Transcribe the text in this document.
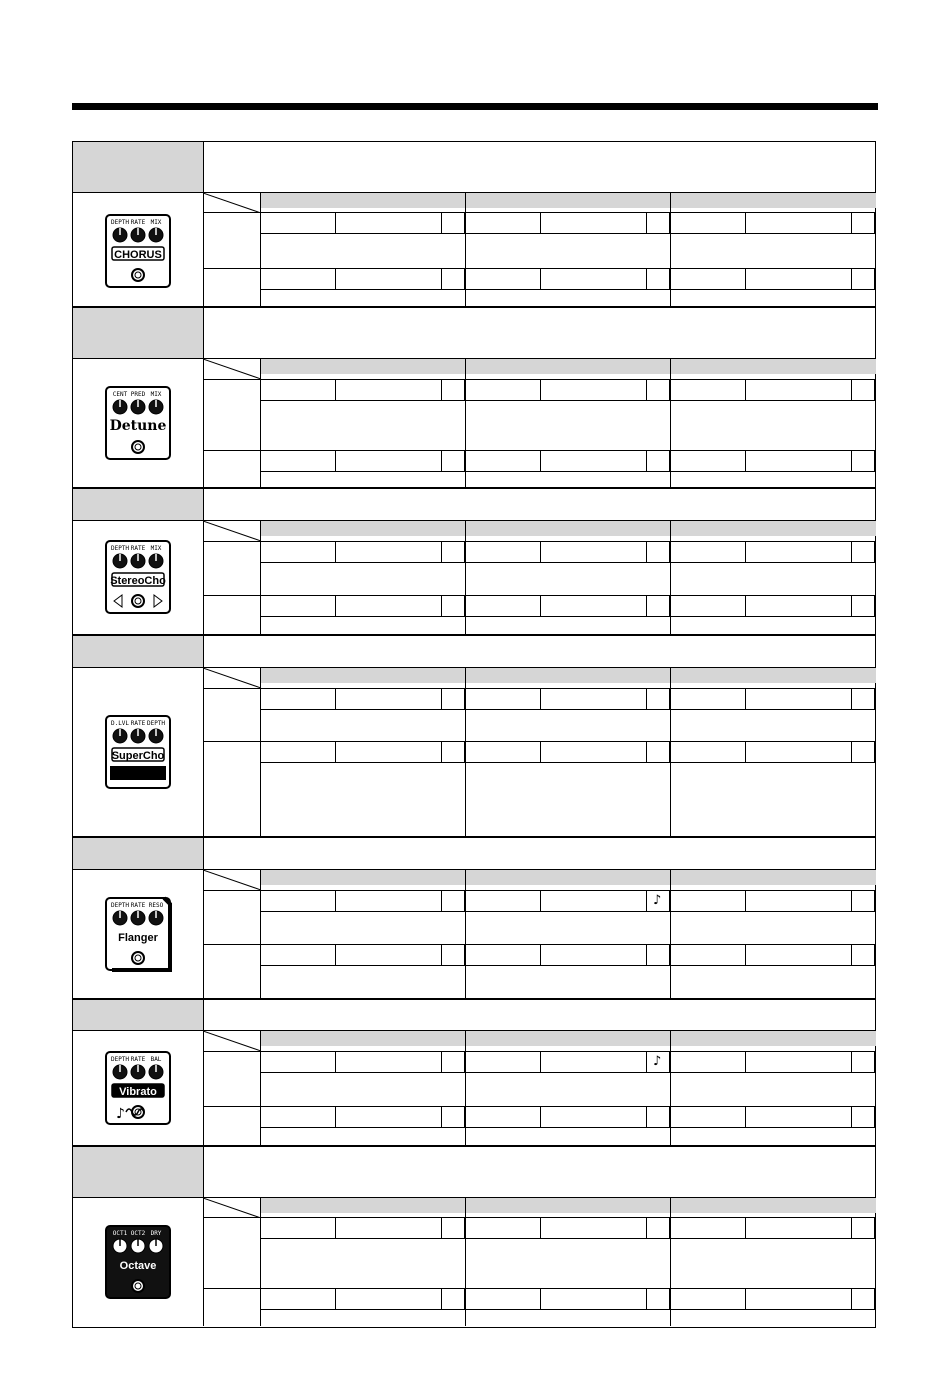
DEPTH RATE MIX
CHORUS
CENT PRED MIX
Detune
DEPTH RATE MIX
StereoCho
D.LVL RATE DEPTH
SuperCho
DEPTH RATE RESO
Flanger
♪
DEPTH RATE BAL
Vibrato
♪
♪
OCT1 OCT2 DRY
Octave
